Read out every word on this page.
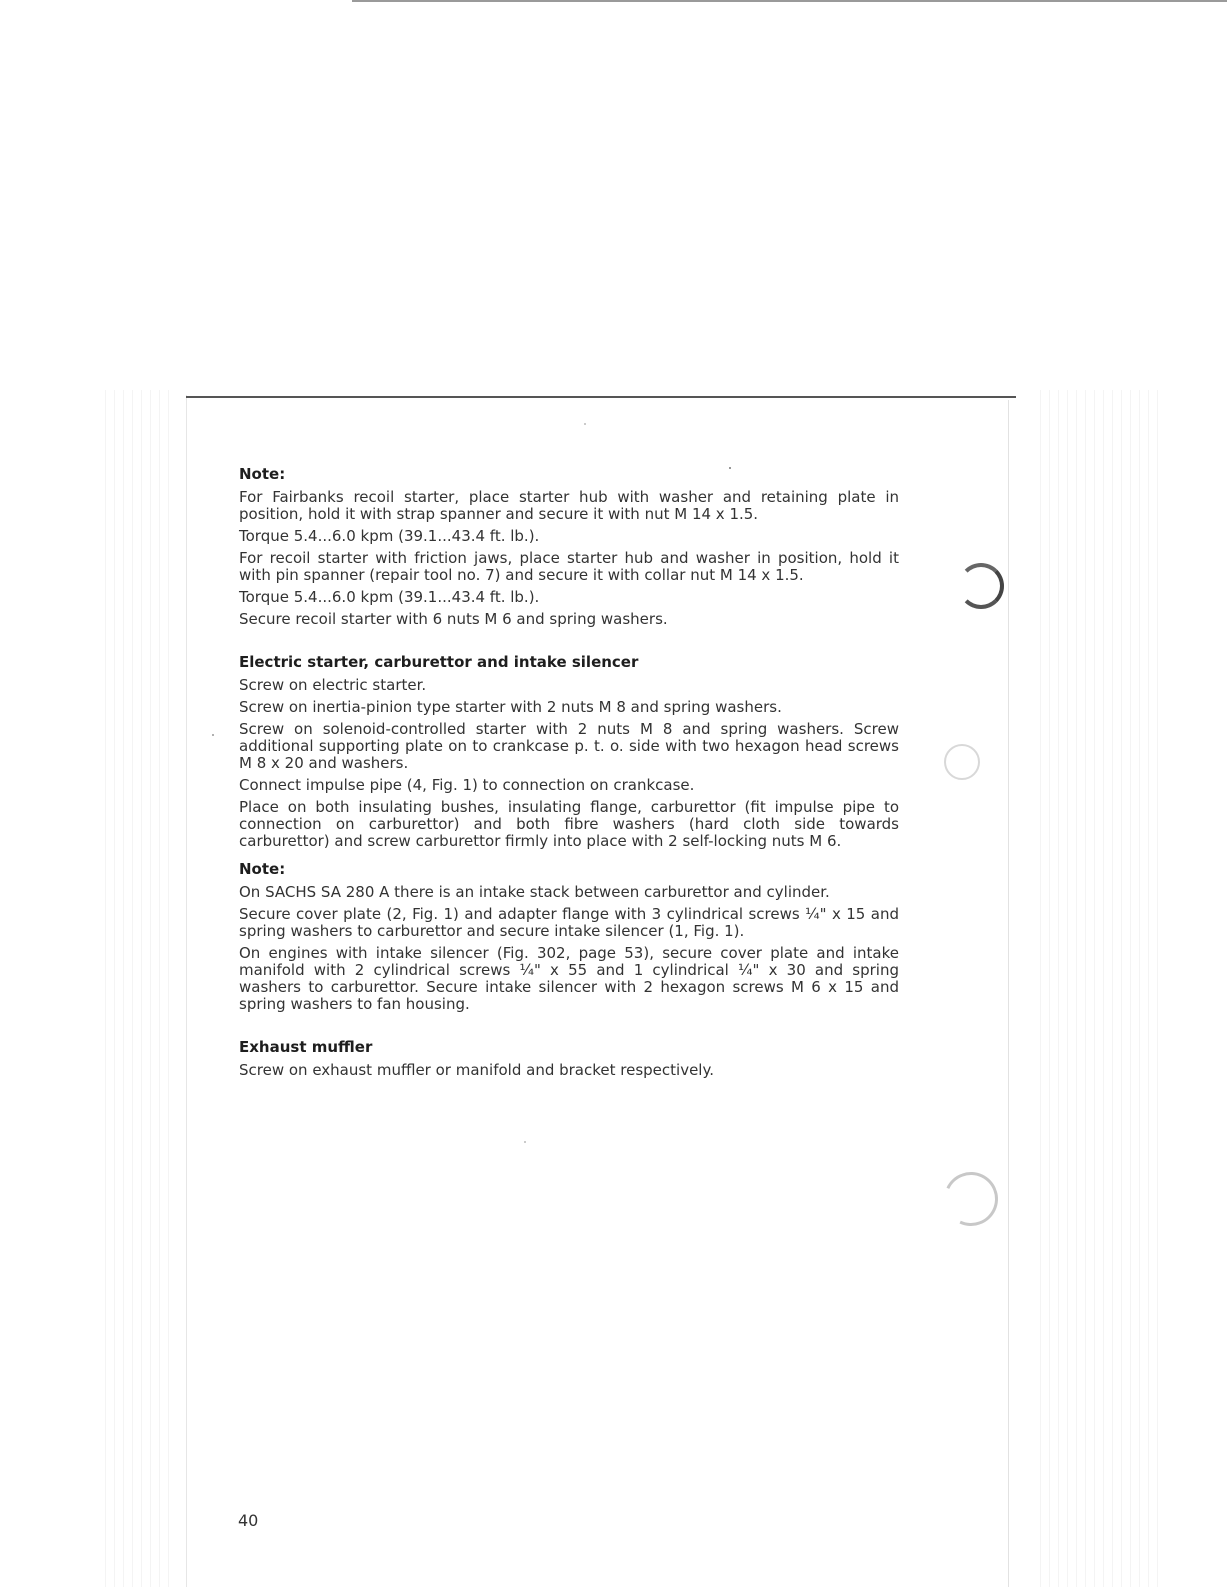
Note:

For Fairbanks recoil starter, place starter hub with washer and retaining plate in position, hold it with strap spanner and secure it with nut M 14 x 1.5.

Torque 5.4...6.0 kpm (39.1...43.4 ft. lb.).

For recoil starter with friction jaws, place starter hub and washer in position, hold it with pin spanner (repair tool no. 7) and secure it with collar nut M 14 x 1.5.

Torque 5.4...6.0 kpm (39.1...43.4 ft. lb.).

Secure recoil starter with 6 nuts M 6 and spring washers.

Electric starter, carburettor and intake silencer

Screw on electric starter.

Screw on inertia-pinion type starter with 2 nuts M 8 and spring washers.

Screw on solenoid-controlled starter with 2 nuts M 8 and spring washers. Screw additional supporting plate on to crankcase p. t. o. side with two hexagon head screws M 8 x 20 and washers.

Connect impulse pipe (4, Fig. 1) to connection on crankcase.

Place on both insulating bushes, insulating flange, carburettor (fit impulse pipe to connection on carburettor) and both fibre washers (hard cloth side towards carburettor) and screw carburettor firmly into place with 2 self-locking nuts M 6.

Note:

On SACHS SA 280 A there is an intake stack between carburettor and cylinder.

Secure cover plate (2, Fig. 1) and adapter flange with 3 cylindrical screws ¼" x 15 and spring washers to carburettor and secure intake silencer (1, Fig. 1).

On engines with intake silencer (Fig. 302, page 53), secure cover plate and intake manifold with 2 cylindrical screws ¼" x 55 and 1 cylindrical ¼" x 30 and spring washers to carburettor. Secure intake silencer with 2 hexagon screws M 6 x 15 and spring washers to fan housing.

Exhaust muffler

Screw on exhaust muffler or manifold and bracket respectively.

40
